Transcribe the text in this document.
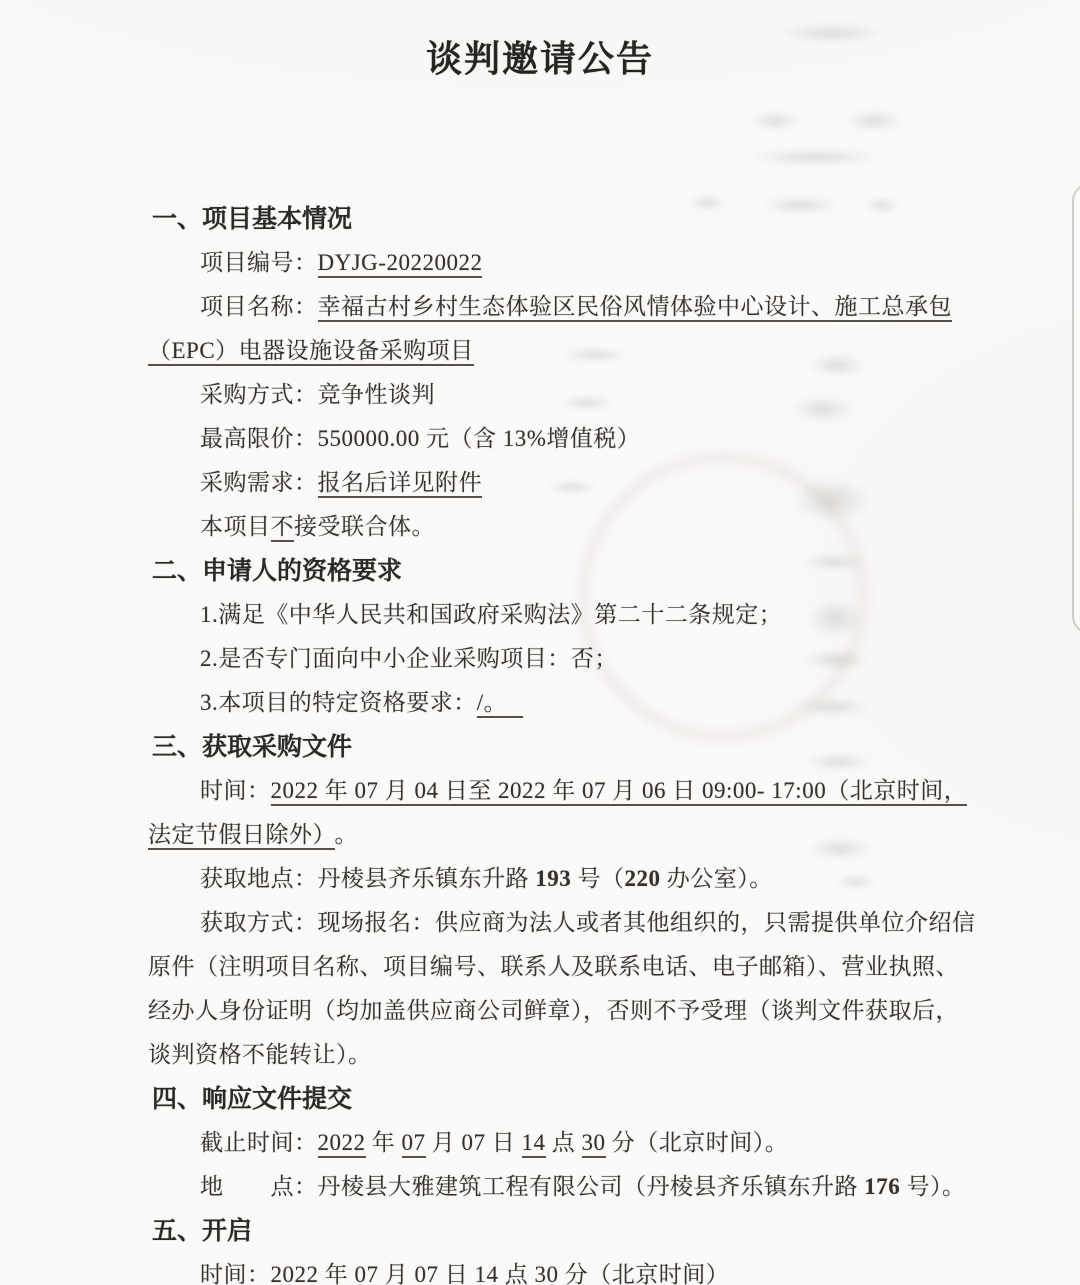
谈判邀请公告
一、项目基本情况
项目编号：DYJG-20220022
项目名称：幸福古村乡村生态体验区民俗风情体验中心设计、施工总承包
（EPC）电器设施设备采购项目
采购方式：竞争性谈判
最高限价：550000.00 元（含 13%增值税）
采购需求：报名后详见附件
本项目不接受联合体。
二、申请人的资格要求
1.满足《中华人民共和国政府采购法》第二十二条规定；
2.是否专门面向中小企业采购项目：否；
3.本项目的特定资格要求：/。
三、获取采购文件
时间：2022 年 07 月 04 日至 2022 年 07 月 06 日 09:00- 17:00（北京时间，
法定节假日除外） 。
获取地点：丹棱县齐乐镇东升路 193 号（220 办公室）。
获取方式：现场报名：供应商为法人或者其他组织的，只需提供单位介绍信
原件（注明项目名称、项目编号、联系人及联系电话、电子邮箱）、营业执照、
经办人身份证明（均加盖供应商公司鲜章），否则不予受理（谈判文件获取后，
谈判资格不能转让）。
四、响应文件提交
截止时间：2022 年 07 月 07 日 14 点 30 分（北京时间）。
地　　点：丹棱县大雅建筑工程有限公司（丹棱县齐乐镇东升路 176 号）。
五、开启
时间：2022 年 07 月 07 日 14 点 30 分（北京时间）
